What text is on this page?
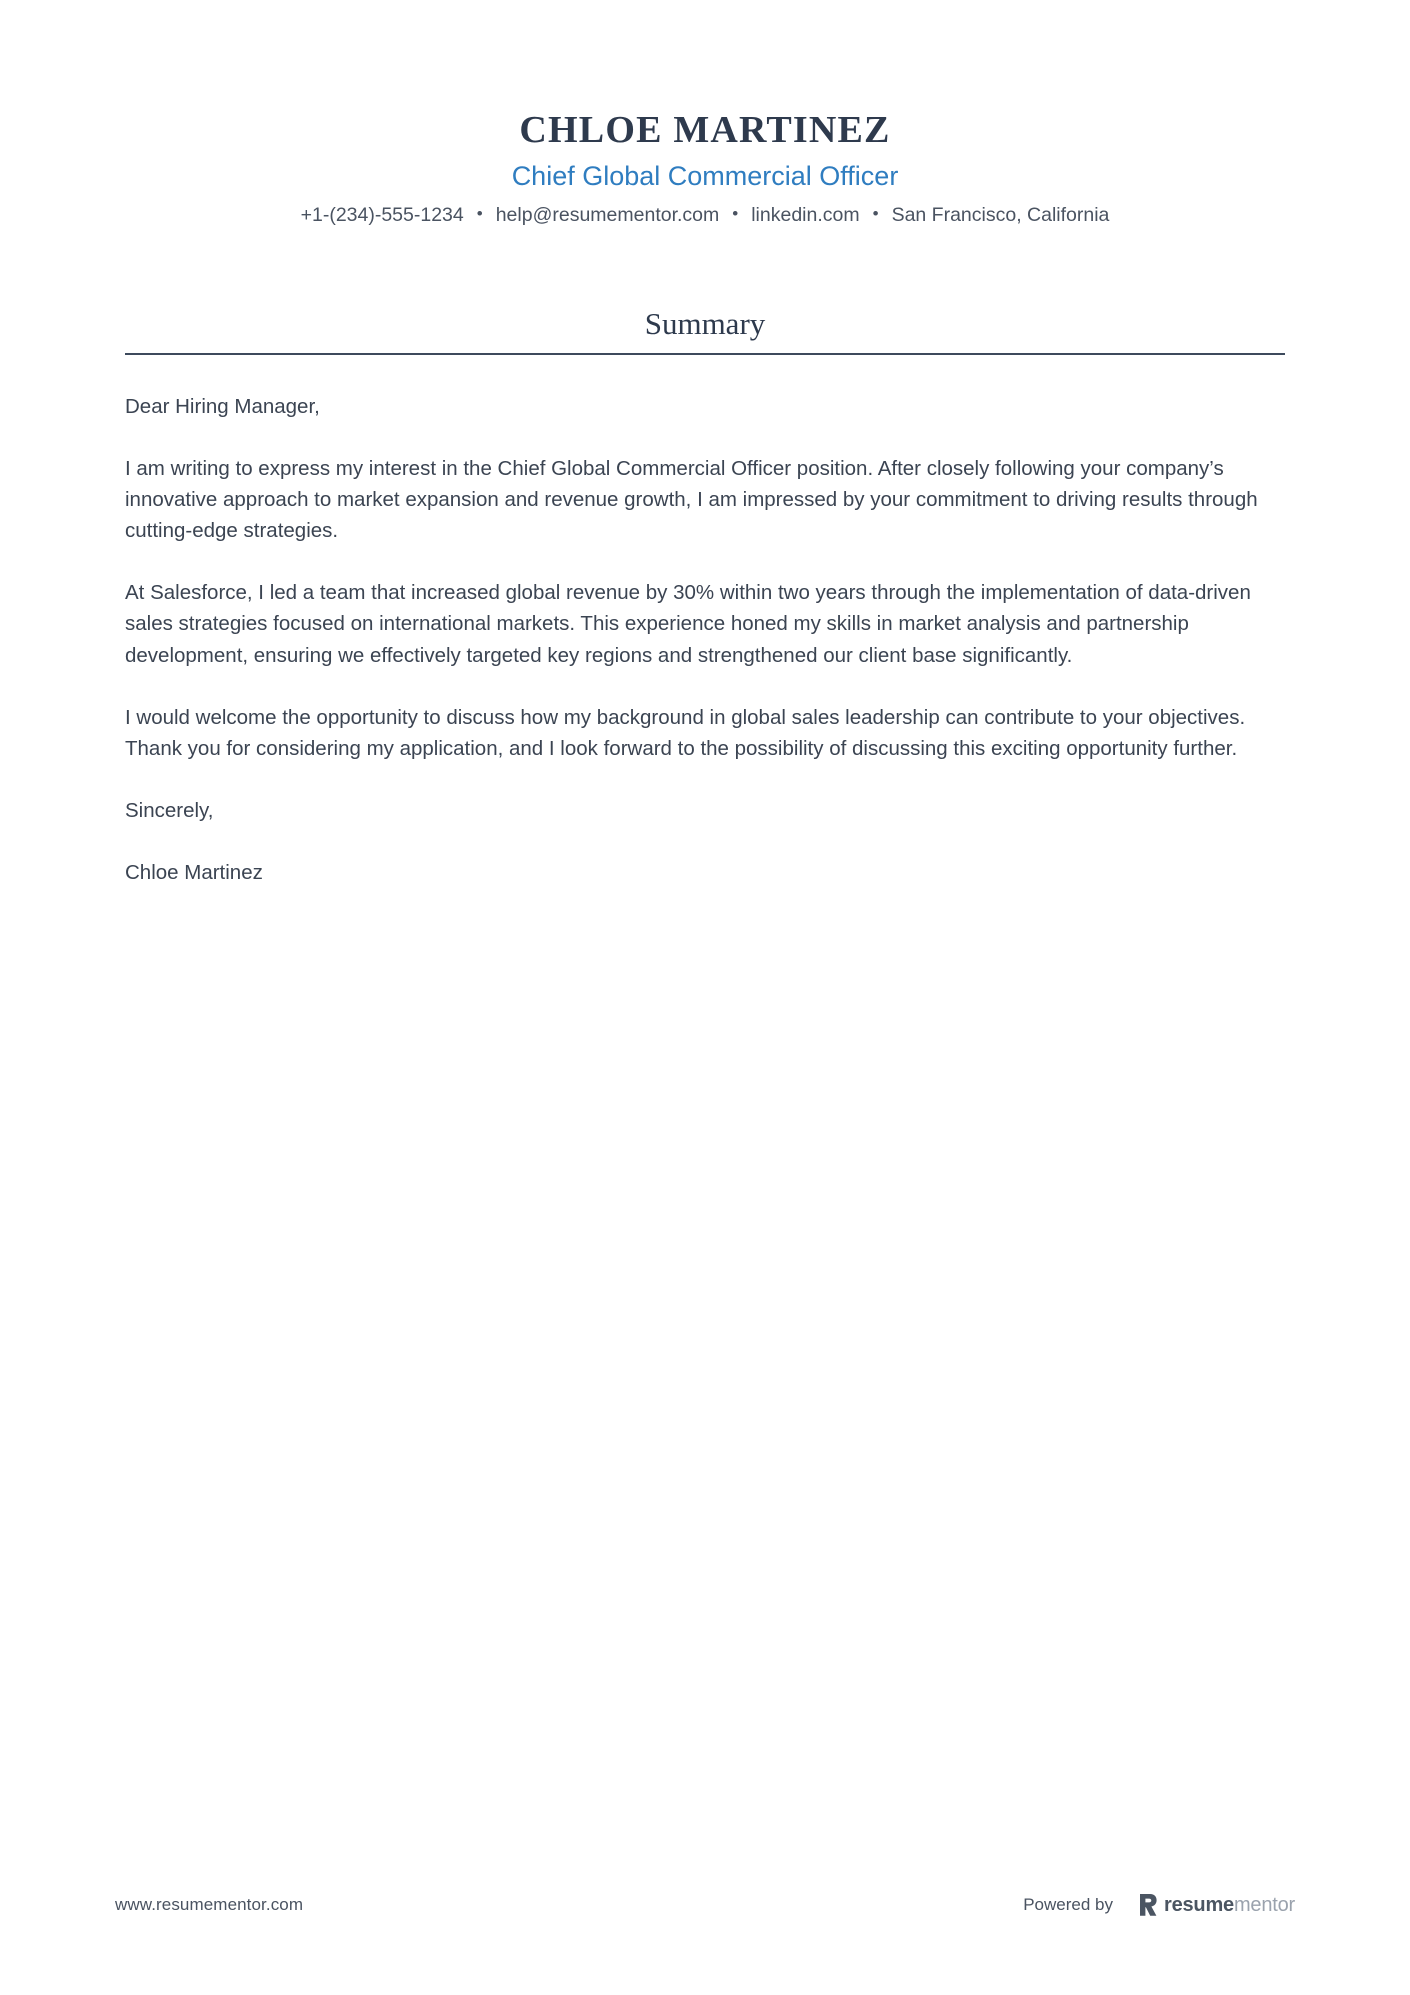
CHLOE MARTINEZ
Chief Global Commercial Officer
+1-(234)-555-1234 • help@resumementor.com • linkedin.com • San Francisco, California
Summary

Dear Hiring Manager,

I am writing to express my interest in the Chief Global Commercial Officer position. After closely following your company’s innovative approach to market expansion and revenue growth, I am impressed by your commitment to driving results through cutting-edge strategies.

At Salesforce, I led a team that increased global revenue by 30% within two years through the implementation of data-driven sales strategies focused on international markets. This experience honed my skills in market analysis and partnership development, ensuring we effectively targeted key regions and strengthened our client base significantly.

I would welcome the opportunity to discuss how my background in global sales leadership can contribute to your objectives. Thank you for considering my application, and I look forward to the possibility of discussing this exciting opportunity further.

Sincerely,

Chloe Martinez

www.resumementor.com	Powered by	resumementor
